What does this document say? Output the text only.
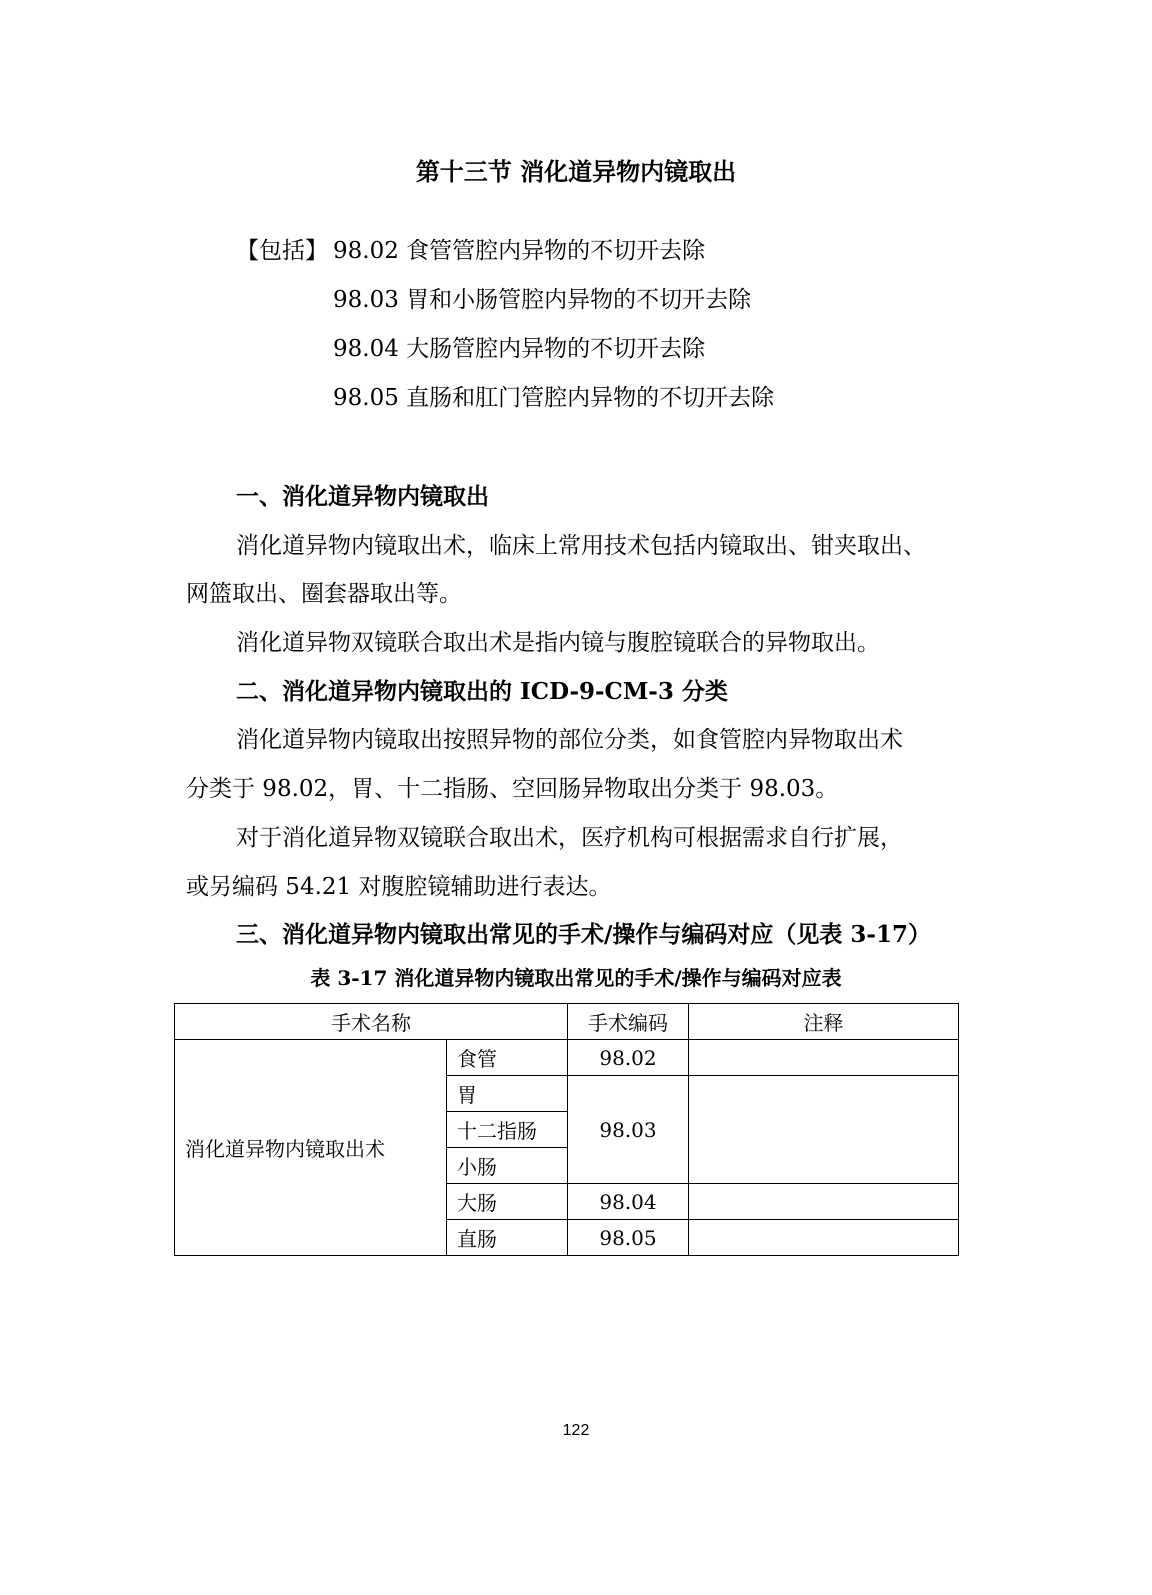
第十三节 消化道异物内镜取出
【包括】 98.02 食管管腔内异物的不切开去除
98.03 胃和小肠管腔内异物的不切开去除
98.04 大肠管腔内异物的不切开去除
98.05 直肠和肛门管腔内异物的不切开去除
一、消化道异物内镜取出
消化道异物内镜取出术，临床上常用技术包括内镜取出、钳夹取出、
网篮取出、圈套器取出等。
消化道异物双镜联合取出术是指内镜与腹腔镜联合的异物取出。
二、消化道异物内镜取出的 ICD-9-CM-3 分类
消化道异物内镜取出按照异物的部位分类，如食管腔内异物取出术
分类于 98.02，胃、十二指肠、空回肠异物取出分类于 98.03。
对于消化道异物双镜联合取出术，医疗机构可根据需求自行扩展，
或另编码 54.21 对腹腔镜辅助进行表达。
三、消化道异物内镜取出常见的手术/操作与编码对应（见表 3-17）
表 3-17 消化道异物内镜取出常见的手术/操作与编码对应表
手术名称		手术编码	注释
消化道异物内镜取出术	食管	98.02	
	胃	98.03	
	十二指肠		
	小肠		
	大肠	98.04	
	直肠	98.05	
122
